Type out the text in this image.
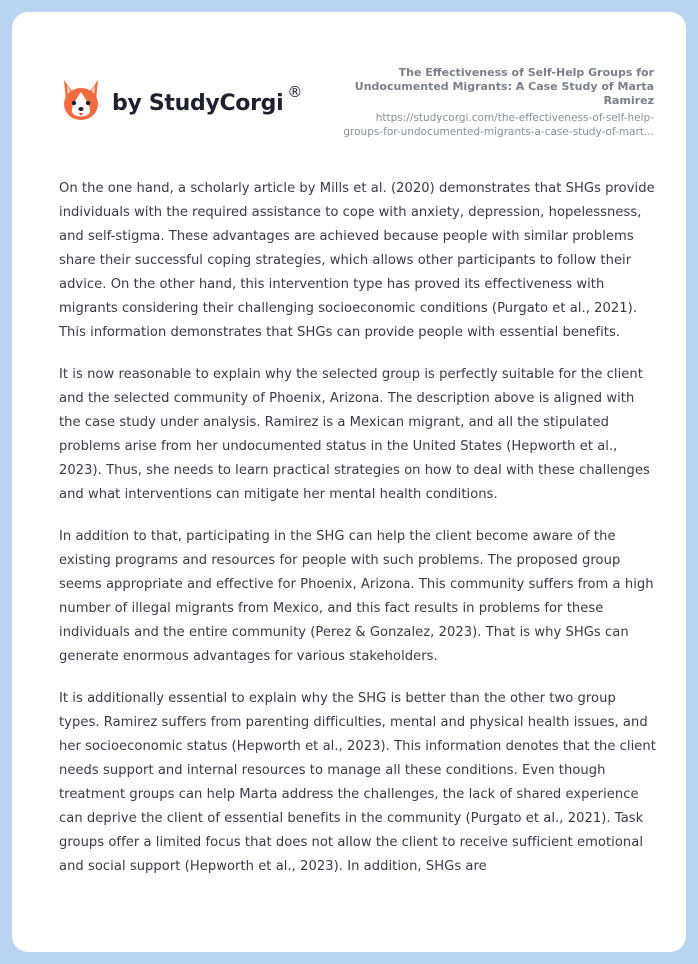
by StudyCorgi ®
The Effectiveness of Self-Help Groups for Undocumented Migrants: A Case Study of Marta Ramirez
https://studycorgi.com/the-effectiveness-of-self-help-
groups-for-undocumented-migrants-a-case-study-of-mart...

On the one hand, a scholarly article by Mills et al. (2020) demonstrates that SHGs provide individuals with the required assistance to cope with anxiety, depression, hopelessness, and self-stigma. These advantages are achieved because people with similar problems share their successful coping strategies, which allows other participants to follow their advice. On the other hand, this intervention type has proved its effectiveness with migrants considering their challenging socioeconomic conditions (Purgato et al., 2021). This information demonstrates that SHGs can provide people with essential benefits.

It is now reasonable to explain why the selected group is perfectly suitable for the client and the selected community of Phoenix, Arizona. The description above is aligned with the case study under analysis. Ramirez is a Mexican migrant, and all the stipulated problems arise from her undocumented status in the United States (Hepworth et al., 2023). Thus, she needs to learn practical strategies on how to deal with these challenges and what interventions can mitigate her mental health conditions.

In addition to that, participating in the SHG can help the client become aware of the existing programs and resources for people with such problems. The proposed group seems appropriate and effective for Phoenix, Arizona. This community suffers from a high number of illegal migrants from Mexico, and this fact results in problems for these individuals and the entire community (Perez & Gonzalez, 2023). That is why SHGs can generate enormous advantages for various stakeholders.

It is additionally essential to explain why the SHG is better than the other two group types. Ramirez suffers from parenting difficulties, mental and physical health issues, and her socioeconomic status (Hepworth et al., 2023). This information denotes that the client needs support and internal resources to manage all these conditions. Even though treatment groups can help Marta address the challenges, the lack of shared experience can deprive the client of essential benefits in the community (Purgato et al., 2021). Task groups offer a limited focus that does not allow the client to receive sufficient emotional and social support (Hepworth et al., 2023). In addition, SHGs are
